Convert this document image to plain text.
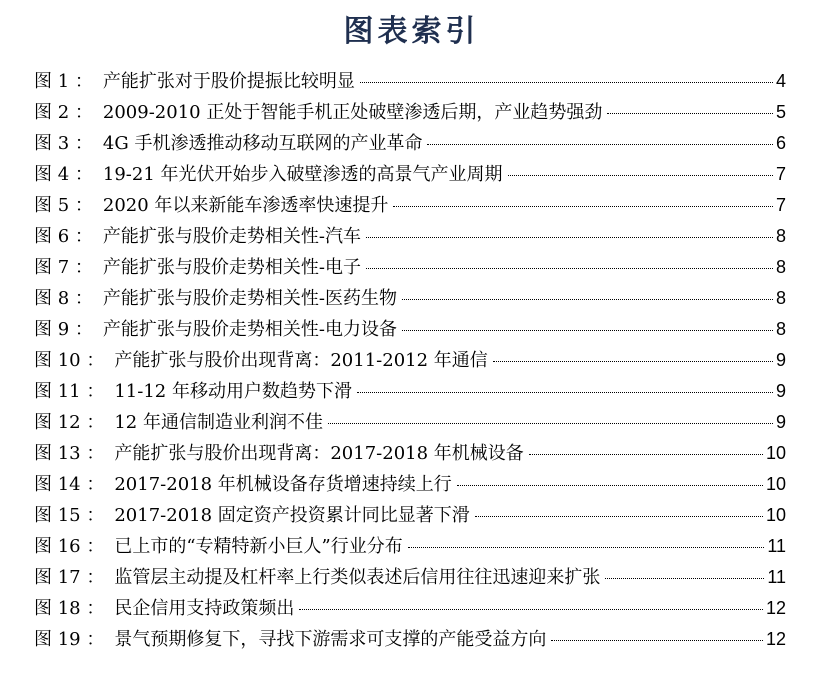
图表索引
图 1 ： 产能扩张对于股价提振比较明显	4
图 2 ： 2009-2010 正处于智能手机正处破壁渗透后期，产业趋势强劲	5
图 3 ： 4G 手机渗透推动移动互联网的产业革命	6
图 4 ： 19-21 年光伏开始步入破壁渗透的高景气产业周期	7
图 5 ： 2020 年以来新能车渗透率快速提升	7
图 6 ： 产能扩张与股价走势相关性-汽车	8
图 7 ： 产能扩张与股价走势相关性-电子	8
图 8 ： 产能扩张与股价走势相关性-医药生物	8
图 9 ： 产能扩张与股价走势相关性-电力设备	8
图 10 ： 产能扩张与股价出现背离：2011-2012 年通信	9
图 11 ： 11-12 年移动用户数趋势下滑	9
图 12 ： 12 年通信制造业利润不佳	9
图 13 ： 产能扩张与股价出现背离：2017-2018 年机械设备	10
图 14 ： 2017-2018 年机械设备存货增速持续上行	10
图 15 ： 2017-2018 固定资产投资累计同比显著下滑	10
图 16 ： 已上市的“专精特新小巨人”行业分布	11
图 17 ： 监管层主动提及杠杆率上行类似表述后信用往往迅速迎来扩张	11
图 18 ： 民企信用支持政策频出	12
图 19 ： 景气预期修复下，寻找下游需求可支撑的产能受益方向	12
